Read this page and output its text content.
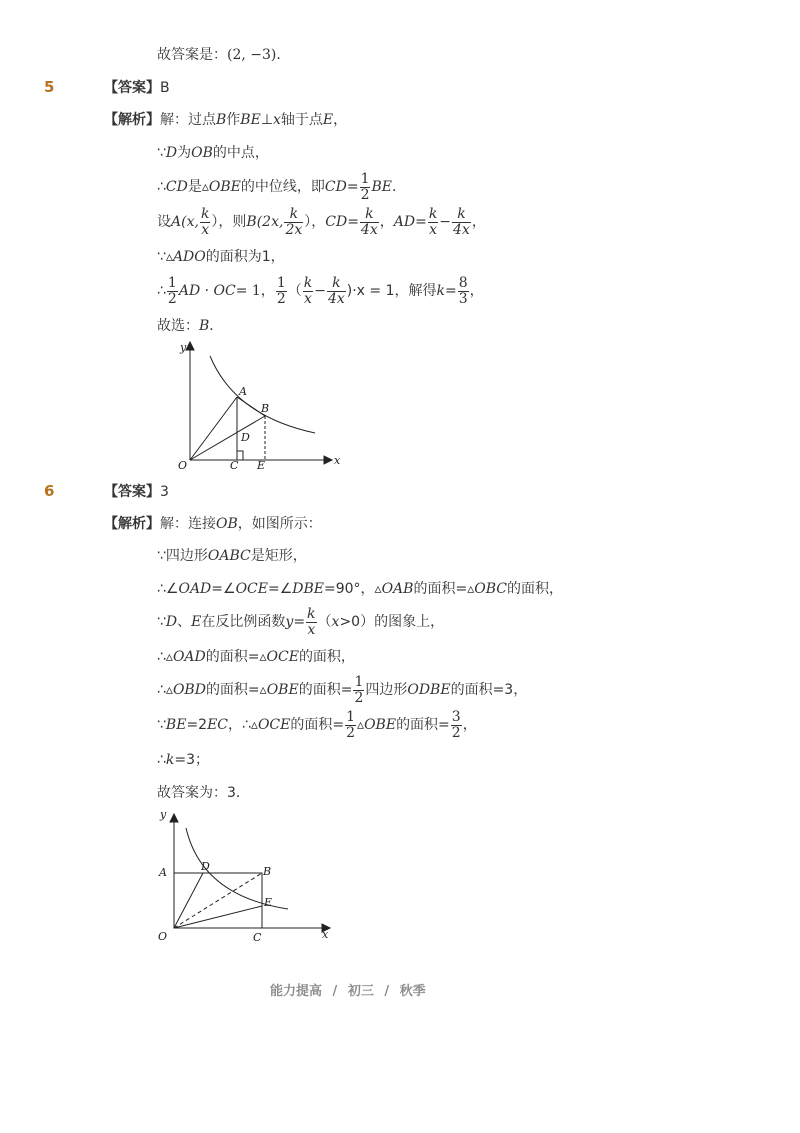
故答案是：(2, −3)．
5	【答案】B
【解析】解：过点B作BE⊥x轴于点E，
∵D为OB的中点，
∴CD是▵OBE的中位线，即$CD= \frac{1}{2}$ BE．
设A(x, $\frac{k}{x}$ ），则B(2x, $\frac{k}{2x}$ ），$CD= \frac{k}{4x}$ ，$AD= \frac{k}{x} - \frac{k}{4x}$ ，
∵▵ADO的面积为1，
∴ $\frac{1}{2}$ AD · OC= 1， $\frac{1}{2}$ （ $\frac{k}{x} - \frac{k}{4x} )\cdot x = 1$，解得$k= \frac{8}{3}$ ，
故选：B．
y
x
O
A
B
C
D
E
6	【答案】3
【解析】解：连接OB，如图所示：
∵四边形OABC是矩形，
∴∠OAD=∠OCE=∠DBE=90°，▵OAB的面积=▵OBC的面积，
∵D、E在反比例函数$y= \frac{k}{x} (x>0)$的图象上，
∴▵OAD的面积=▵OCE的面积，
∴▵OBD的面积=▵OBE的面积= $\frac{1}{2}$ 四边形ODBE的面积=3，
∵BE=2EC，∴▵OCE的面积= $\frac{1}{2}$ ▵OBE的面积= $\frac{3}{2}$ ，
∴k=3；
故答案为：3．
y
x
O
A	B
C
D
E
能力提高 / 初三 / 秋季
